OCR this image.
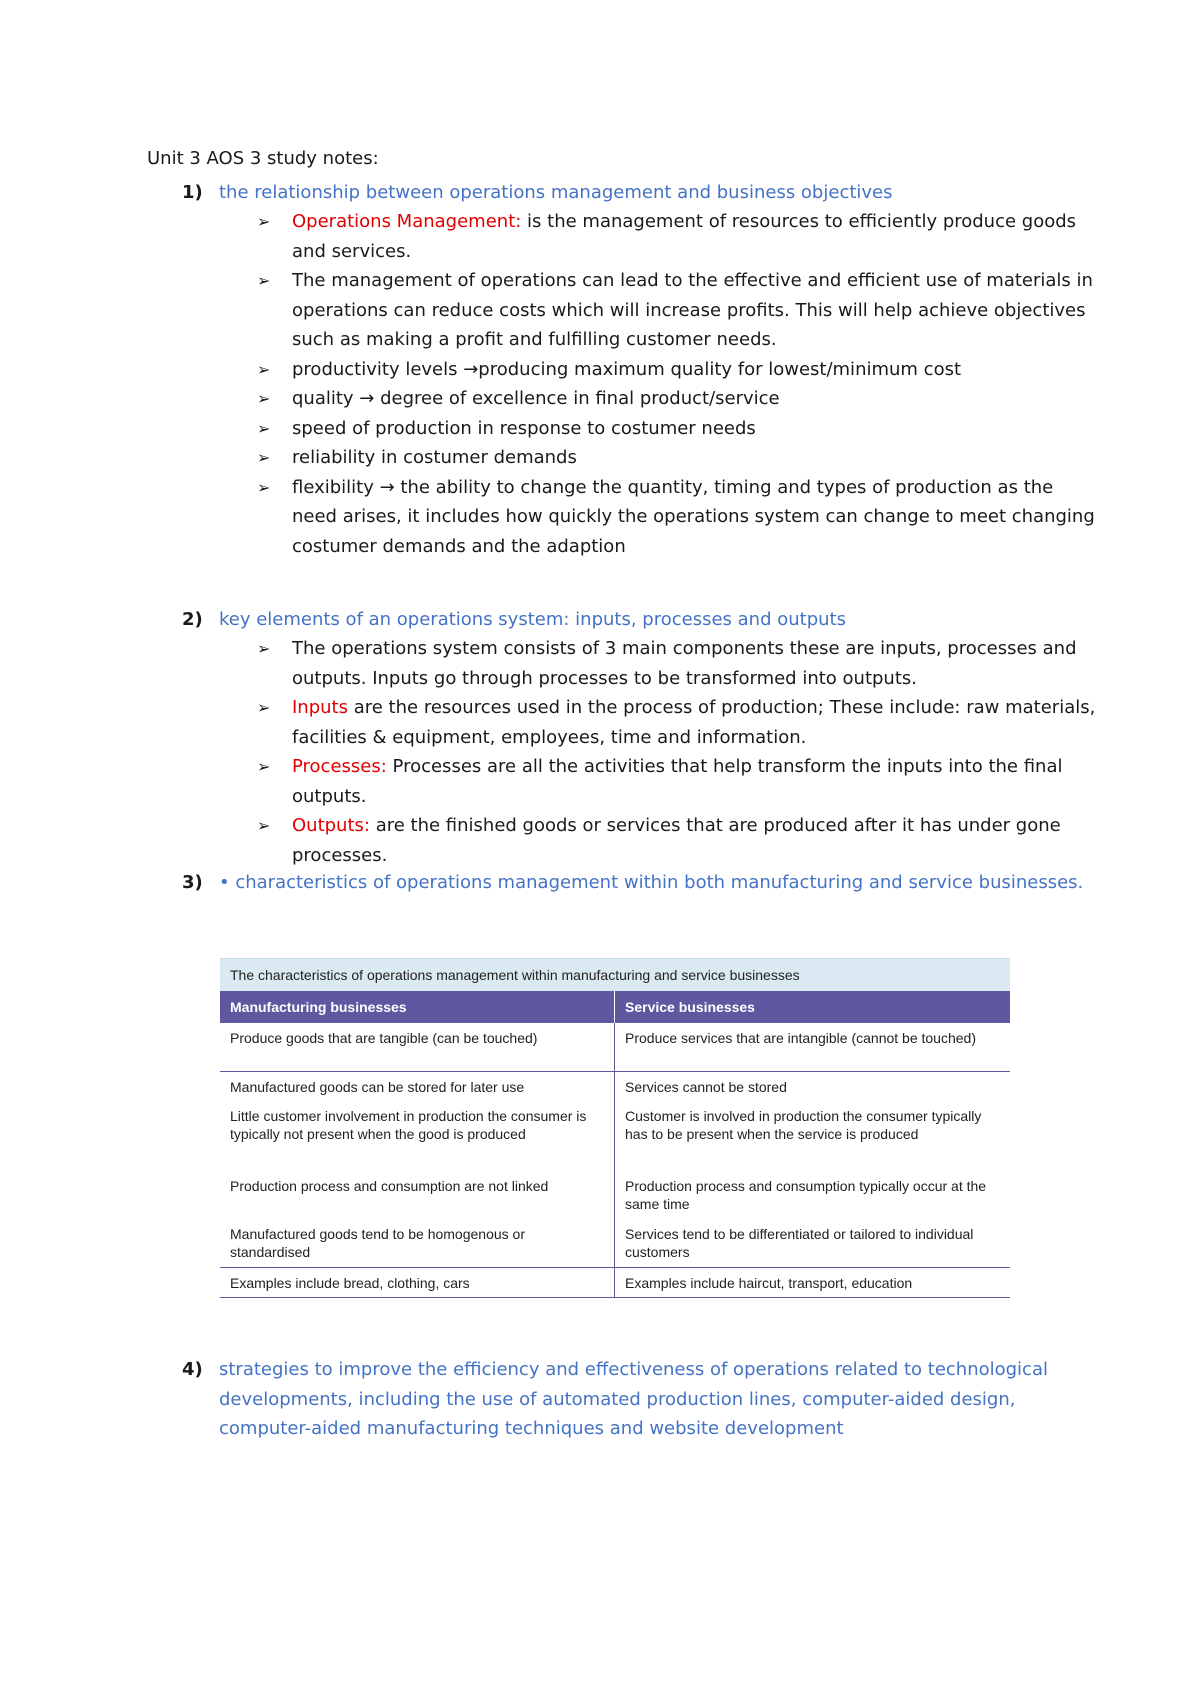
Unit 3 AOS 3 study notes:
1) the relationship between operations management and business objectives
➢ Operations Management: is the management of resources to efficiently produce goods and services.
➢ The management of operations can lead to the effective and efficient use of materials in operations can reduce costs which will increase profits. This will help achieve objectives such as making a profit and fulfilling customer needs.
➢ productivity levels →producing maximum quality for lowest/minimum cost
➢ quality → degree of excellence in final product/service
➢ speed of production in response to costumer needs
➢ reliability in costumer demands
➢ flexibility → the ability to change the quantity, timing and types of production as the need arises, it includes how quickly the operations system can change to meet changing costumer demands and the adaption
2) key elements of an operations system: inputs, processes and outputs
➢ The operations system consists of 3 main components these are inputs, processes and outputs. Inputs go through processes to be transformed into outputs.
➢ Inputs are the resources used in the process of production; These include: raw materials, facilities & equipment, employees, time and information.
➢ Processes: Processes are all the activities that help transform the inputs into the final outputs.
➢ Outputs: are the finished goods or services that are produced after it has under gone processes.
3) • characteristics of operations management within both manufacturing and service businesses.
The characteristics of operations management within manufacturing and service businesses
Manufacturing businesses	Service businesses
Produce goods that are tangible (can be touched)	Produce services that are intangible (cannot be touched)
Manufactured goods can be stored for later use	Services cannot be stored
Little customer involvement in production the consumer is typically not present when the good is produced	Customer is involved in production the consumer typically has to be present when the service is produced
Production process and consumption are not linked	Production process and consumption typically occur at the same time
Manufactured goods tend to be homogenous or standardised	Services tend to be differentiated or tailored to individual customers
Examples include bread, clothing, cars	Examples include haircut, transport, education
4) strategies to improve the efficiency and effectiveness of operations related to technological developments, including the use of automated production lines, computer-aided design, computer-aided manufacturing techniques and website development
